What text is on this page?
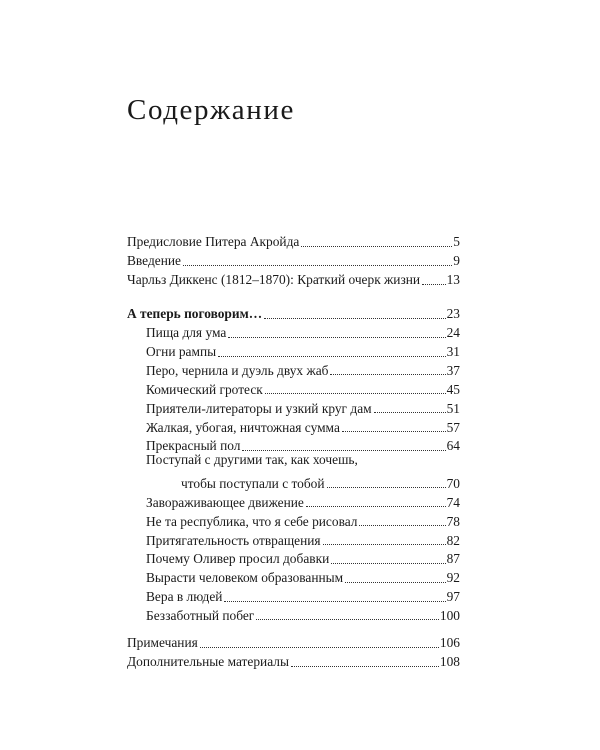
Содержание
Предисловие Питера Акройда	5
Введение	9
Чарльз Диккенс (1812–1870): Краткий очерк жизни 13
А теперь поговорим…	23
Пища для ума	24
Огни рампы	31
Перо, чернила и дуэль двух жаб	37
Комический гротеск	45
Приятели-литераторы и узкий круг дам	51
Жалкая, убогая, ничтожная сумма	57
Прекрасный пол	64
Поступай с другими так, как хочешь,
чтобы поступали с тобой	70
Завораживающее движение	74
Не та республика, что я себе рисовал	78
Притягательность отвращения	82
Почему Оливер просил добавки	87
Вырасти человеком образованным	92
Вера в людей	97
Беззаботный побег	100
Примечания	106
Дополнительные материалы	108
